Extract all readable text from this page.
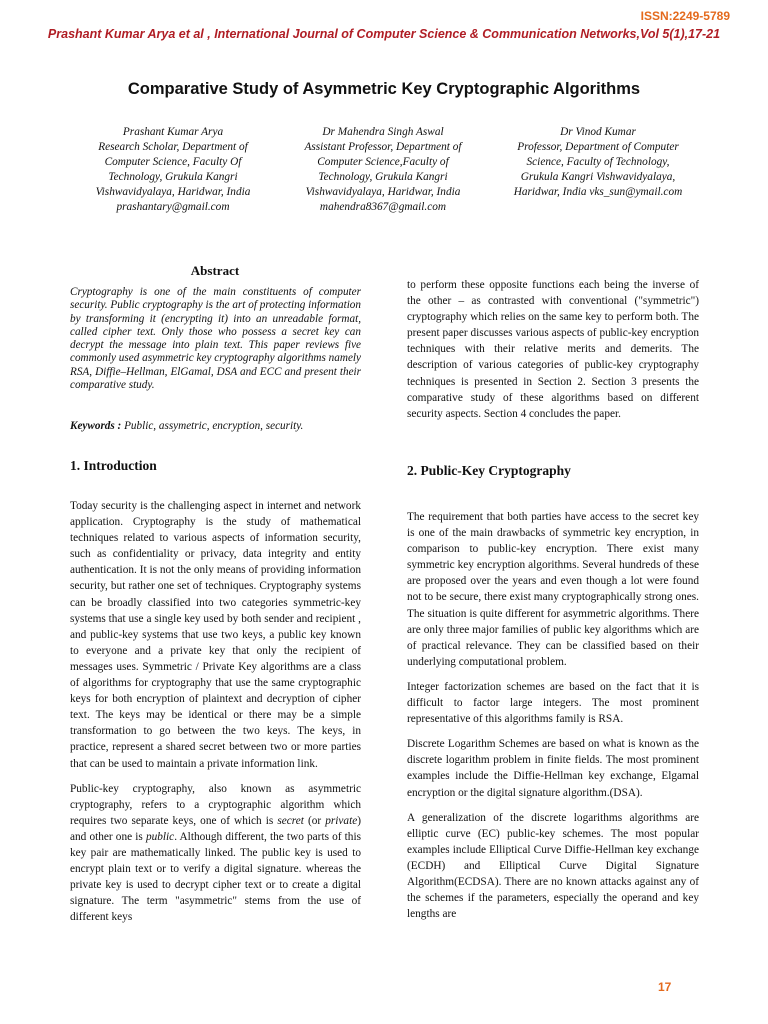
ISSN:2249-5789
Prashant Kumar Arya et al , International Journal of Computer Science & Communication Networks,Vol 5(1),17-21
Comparative Study of Asymmetric Key Cryptographic Algorithms
Prashant Kumar Arya
Research Scholar, Department of
Computer Science, Faculty Of
Technology, Grukula Kangri
Vishwavidyalaya, Haridwar, India
prashantary@gmail.com
Dr Mahendra Singh Aswal
Assistant Professor, Department of
Computer Science,Faculty of
Technology, Grukula Kangri
Vishwavidyalaya, Haridwar, India
mahendra8367@gmail.com
Dr Vinod Kumar
Professor, Department of Computer
Science, Faculty of Technology,
Grukula Kangri Vishwavidyalaya,
Haridwar, India vks_sun@ymail.com
Abstract
Cryptography is one of the main constituents of computer security. Public cryptography is the art of protecting information by transforming it (encrypting it) into an unreadable format, called cipher text. Only those who possess a secret key can decrypt the message into plain text. This paper reviews five commonly used asymmetric key cryptography algorithms namely RSA, Diffie–Hellman, ElGamal, DSA and ECC and present their comparative study.
Keywords : Public, assymetric, encryption, security.
1. Introduction

Today security is the challenging aspect in internet and network application. Cryptography is the study of mathematical techniques related to various aspects of information security, such as confidentiality or privacy, data integrity and entity authentication. It is not the only means of providing information security, but rather one set of techniques. Cryptography systems can be broadly classified into two categories symmetric-key systems that use a single key used by both sender and recipient , and public-key systems that use two keys, a public key known to everyone and a private key that only the recipient of messages uses. Symmetric / Private Key algorithms are a class of algorithms for cryptography that use the same cryptographic keys for both encryption of plaintext and decryption of cipher text. The keys may be identical or there may be a simple transformation to go between the two keys. The keys, in practice, represent a shared secret between two or more parties that can be used to maintain a private information link.

Public-key cryptography, also known as asymmetric cryptography, refers to a cryptographic algorithm which requires two separate keys, one of which is secret (or private) and other one is public. Although different, the two parts of this key pair are mathematically linked. The public key is used to encrypt plain text or to verify a digital signature. whereas the private key is used to decrypt cipher text or to create a digital signature. The term "asymmetric" stems from the use of different keys

to perform these opposite functions each being the inverse of the other – as contrasted with conventional ("symmetric") cryptography which relies on the same key to perform both. The present paper discusses various aspects of public-key encryption techniques with their relative merits and demerits. The description of various categories of public-key cryptography techniques is presented in Section 2. Section 3 presents the comparative study of these algorithms based on different security aspects. Section 4 concludes the paper.

2. Public-Key Cryptography

The requirement that both parties have access to the secret key is one of the main drawbacks of symmetric key encryption, in comparison to public-key encryption. There exist many symmetric key encryption algorithms. Several hundreds of these are proposed over the years and even though a lot were found not to be secure, there exist many cryptographically strong ones. The situation is quite different for asymmetric algorithms. There are only three major families of public key algorithms which are of practical relevance. They can be classified based on their underlying computational problem.

Integer factorization schemes are based on the fact that it is difficult to factor large integers. The most prominent representative of this algorithms family is RSA.

Discrete Logarithm Schemes are based on what is known as the discrete logarithm problem in finite fields. The most prominent examples include the Diffie-Hellman key exchange, Elgamal encryption or the digital signature algorithm.(DSA).

A generalization of the discrete logarithms algorithms are elliptic curve (EC) public-key schemes. The most popular examples include Elliptical Curve Diffie-Hellman key exchange (ECDH) and Elliptical Curve Digital Signature Algorithm(ECDSA). There are no known attacks against any of the schemes if the parameters, especially the operand and key lengths are

17
